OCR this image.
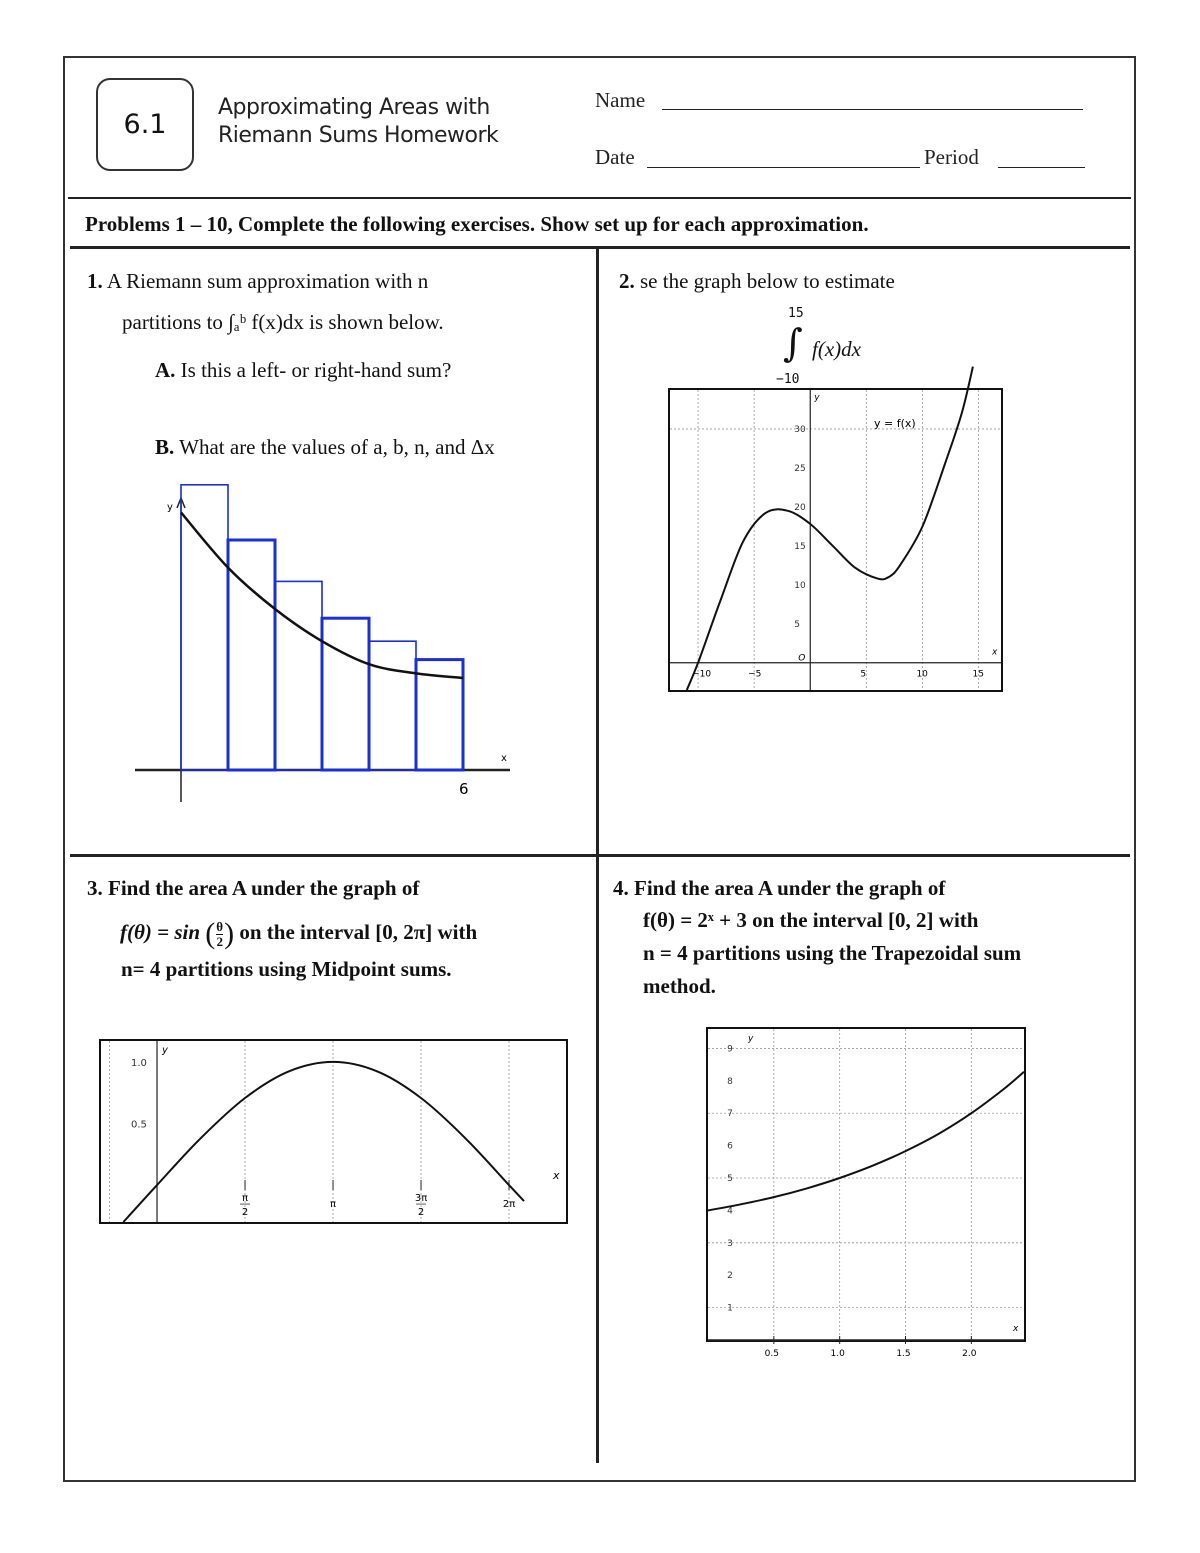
6.1
Approximating Areas with
Riemann Sums Homework
Name
Date	Period
Problems 1 – 10, Complete the following exercises. Show set up for each approximation.
1. A Riemann sum approximation with n
partitions to ∫ₐᵇ f(x)dx is shown below.
A. Is this a left- or right-hand sum?
B. What are the values of a, b, n, and Δx
y
x
6
2. se the graph below to estimate
15
∫ f(x)dx
−10
−10	−5	5	10	15
5
10
15
20
25
30
O
x
y
y = f(x)
3. Find the area A under the graph of
f(θ) = sin ( $\frac{\theta}{2}$ ) on the interval [0, 2π] with
n= 4 partitions using Midpoint sums.
π
2
π
3π
2
2π
1.0
0.5
y
x
4. Find the area A under the graph of
f(θ) = 2ˣ + 3 on the interval [0, 2] with
n = 4 partitions using the Trapezoidal sum
method.
0.5	1.0	1.5	2.0
1
2
3
4
5
6
7
8
9
y
x
